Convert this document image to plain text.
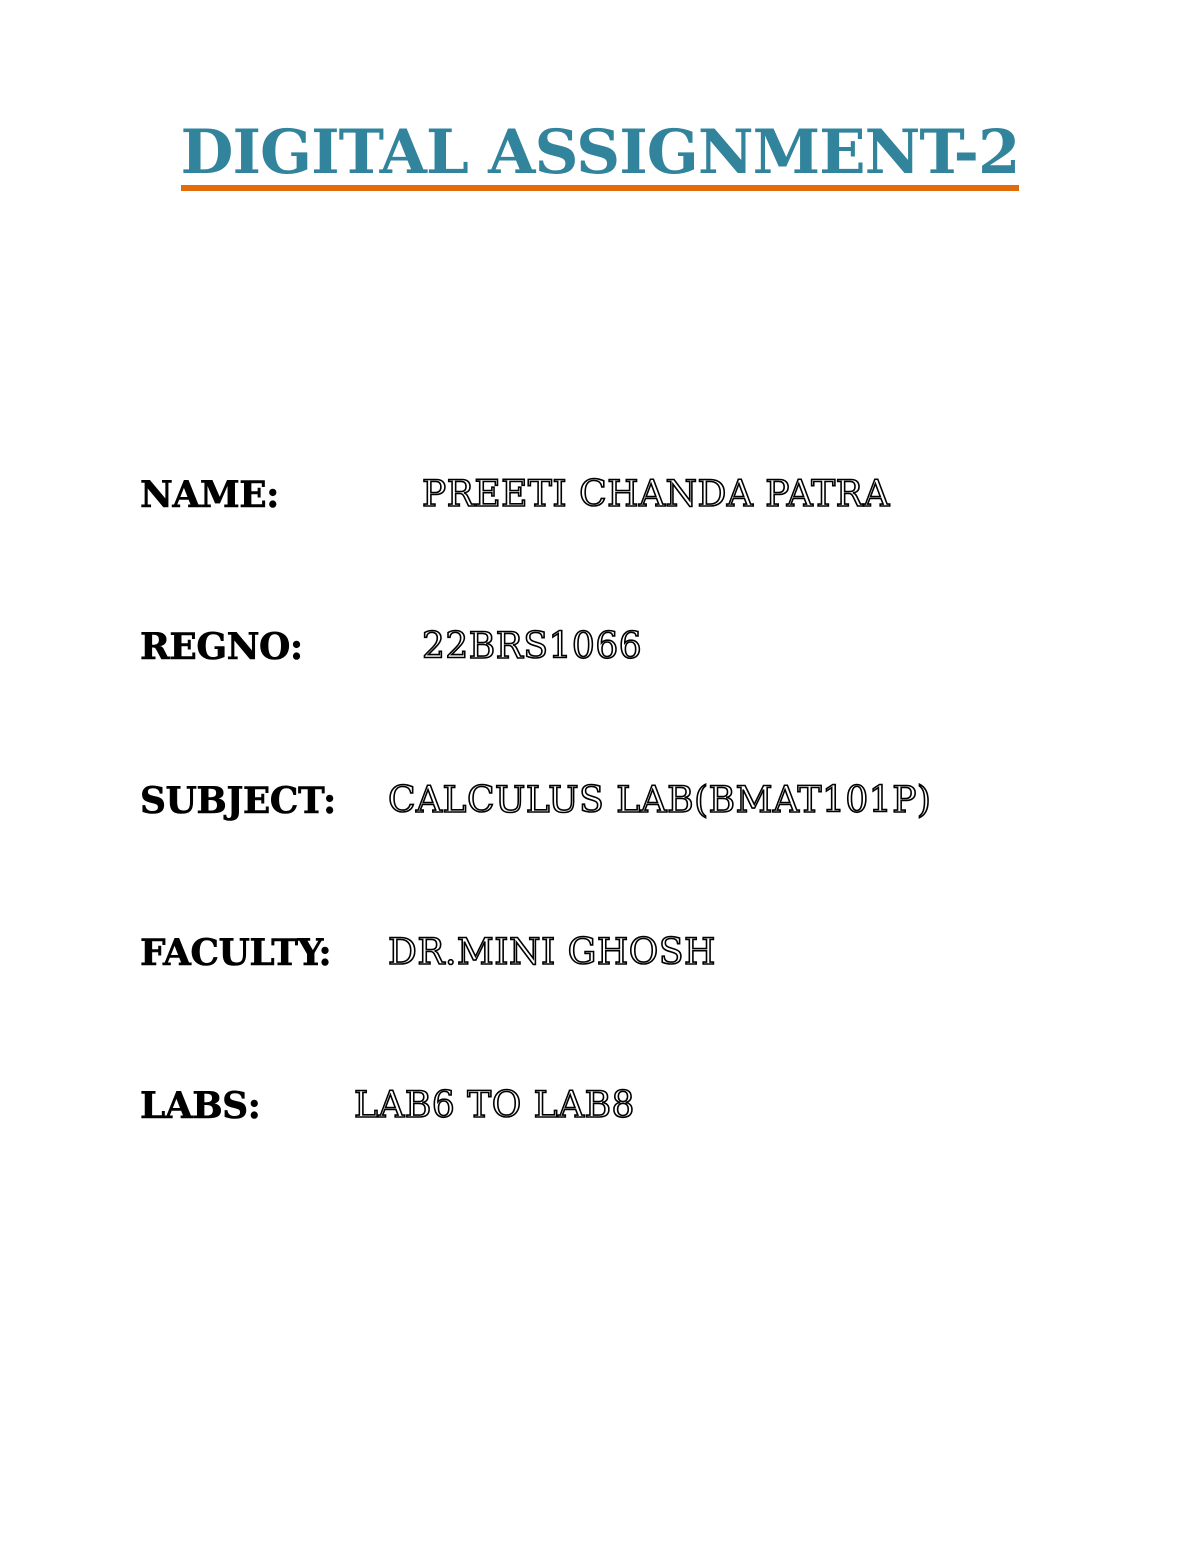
DIGITAL ASSIGNMENT-2
NAME:	PREETI CHANDA PATRA
REGNO:	22BRS1066
SUBJECT: CALCULUS LAB(BMAT101P)
FACULTY: DR.MINI GHOSH
LABS:	LAB6 TO LAB8
